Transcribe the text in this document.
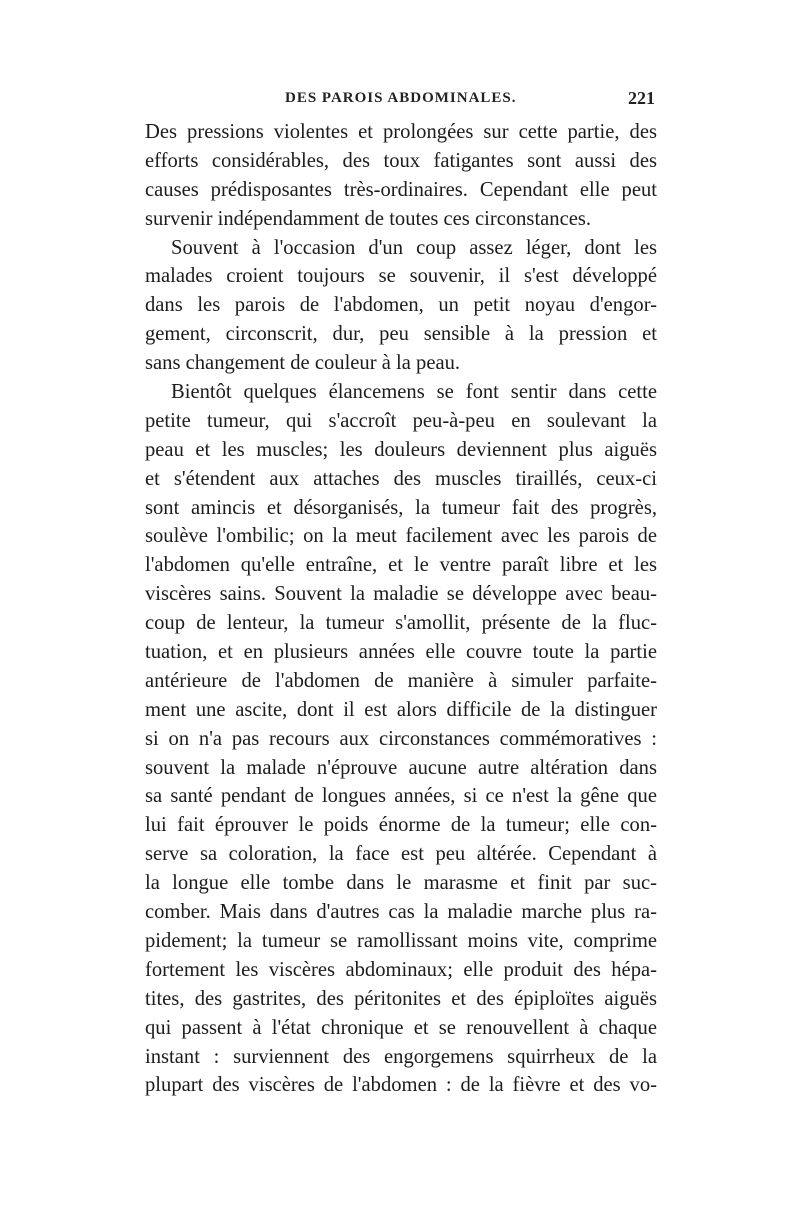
DES PAROIS ABDOMINALES.	221
Des pressions violentes et prolongées sur cette partie, des
efforts considérables, des toux fatigantes sont aussi des
causes prédisposantes très-ordinaires. Cependant elle peut
survenir indépendamment de toutes ces circonstances.
Souvent à l'occasion d'un coup assez léger, dont les
malades croient toujours se souvenir, il s'est développé
dans les parois de l'abdomen, un petit noyau d'engor-
gement, circonscrit, dur, peu sensible à la pression et
sans changement de couleur à la peau.
Bientôt quelques élancemens se font sentir dans cette
petite tumeur, qui s'accroît peu-à-peu en soulevant la
peau et les muscles; les douleurs deviennent plus aiguës
et s'étendent aux attaches des muscles tiraillés, ceux-ci
sont amincis et désorganisés, la tumeur fait des progrès,
soulève l'ombilic; on la meut facilement avec les parois de
l'abdomen qu'elle entraîne, et le ventre paraît libre et les
viscères sains. Souvent la maladie se développe avec beau-
coup de lenteur, la tumeur s'amollit, présente de la fluc-
tuation, et en plusieurs années elle couvre toute la partie
antérieure de l'abdomen de manière à simuler parfaite-
ment une ascite, dont il est alors difficile de la distinguer
si on n'a pas recours aux circonstances commémoratives :
souvent la malade n'éprouve aucune autre altération dans
sa santé pendant de longues années, si ce n'est la gêne que
lui fait éprouver le poids énorme de la tumeur; elle con-
serve sa coloration, la face est peu altérée. Cependant à
la longue elle tombe dans le marasme et finit par suc-
comber. Mais dans d'autres cas la maladie marche plus ra-
pidement; la tumeur se ramollissant moins vite, comprime
fortement les viscères abdominaux; elle produit des hépa-
tites, des gastrites, des péritonites et des épiploïtes aiguës
qui passent à l'état chronique et se renouvellent à chaque
instant : surviennent des engorgemens squirrheux de la
plupart des viscères de l'abdomen : de la fièvre et des vo-
